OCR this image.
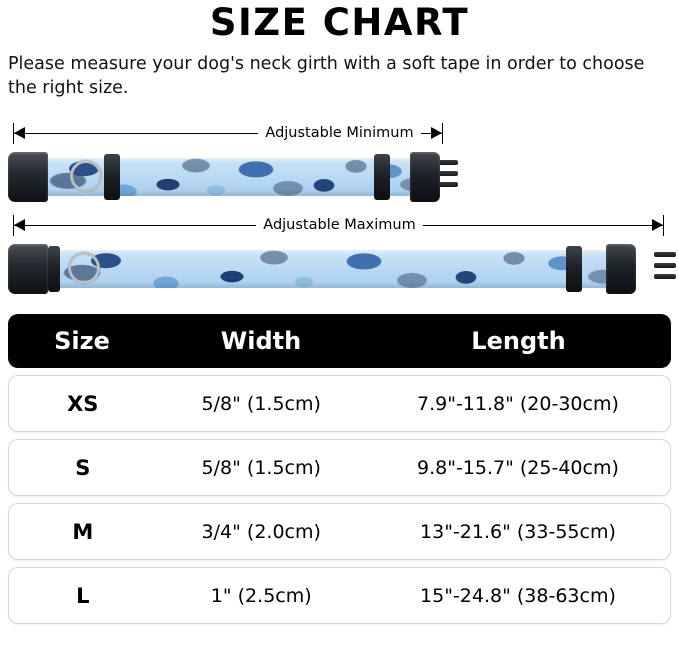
SIZE CHART
Please measure your dog's neck girth with a soft tape in order to choose the right size.
Adjustable Minimum
Adjustable Maximum
Size	Width	Length
XS	5/8" (1.5cm)	7.9"-11.8" (20-30cm)
S	5/8" (1.5cm)	9.8"-15.7" (25-40cm)
M	3/4" (2.0cm)	13"-21.6" (33-55cm)
L	1" (2.5cm)	15"-24.8" (38-63cm)
